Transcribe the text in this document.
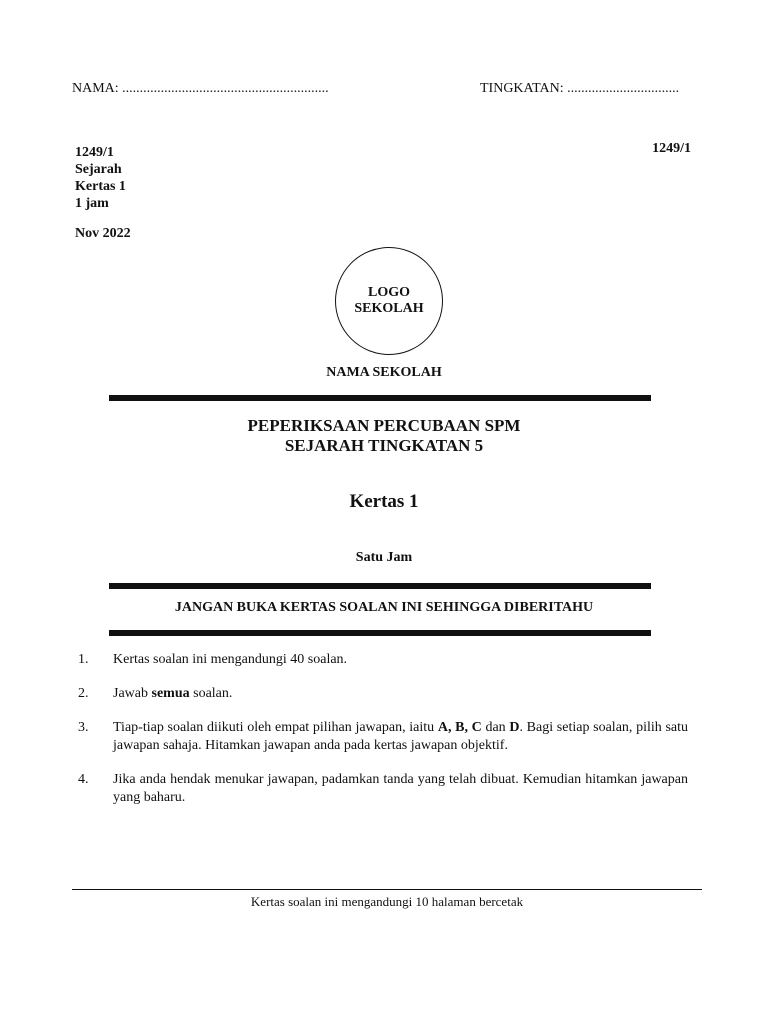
NAMA: ...........................................................	TINGKATAN: ................................
1249/1
Sejarah
Kertas 1
1 jam
1249/1
Nov 2022
LOGO
SEKOLAH
NAMA SEKOLAH
PEPERIKSAAN PERCUBAAN SPM
SEJARAH TINGKATAN 5
Kertas 1
Satu Jam
JANGAN BUKA KERTAS SOALAN INI SEHINGGA DIBERITAHU
1.	Kertas soalan ini mengandungi 40 soalan.
2.	Jawab semua soalan.
3.	Tiap-tiap soalan diikuti oleh empat pilihan jawapan, iaitu A, B, C dan D. Bagi setiap soalan, pilih satu jawapan sahaja. Hitamkan jawapan anda pada kertas jawapan objektif.
4.	Jika anda hendak menukar jawapan, padamkan tanda yang telah dibuat. Kemudian hitamkan jawapan yang baharu.
Kertas soalan ini mengandungi 10 halaman bercetak
